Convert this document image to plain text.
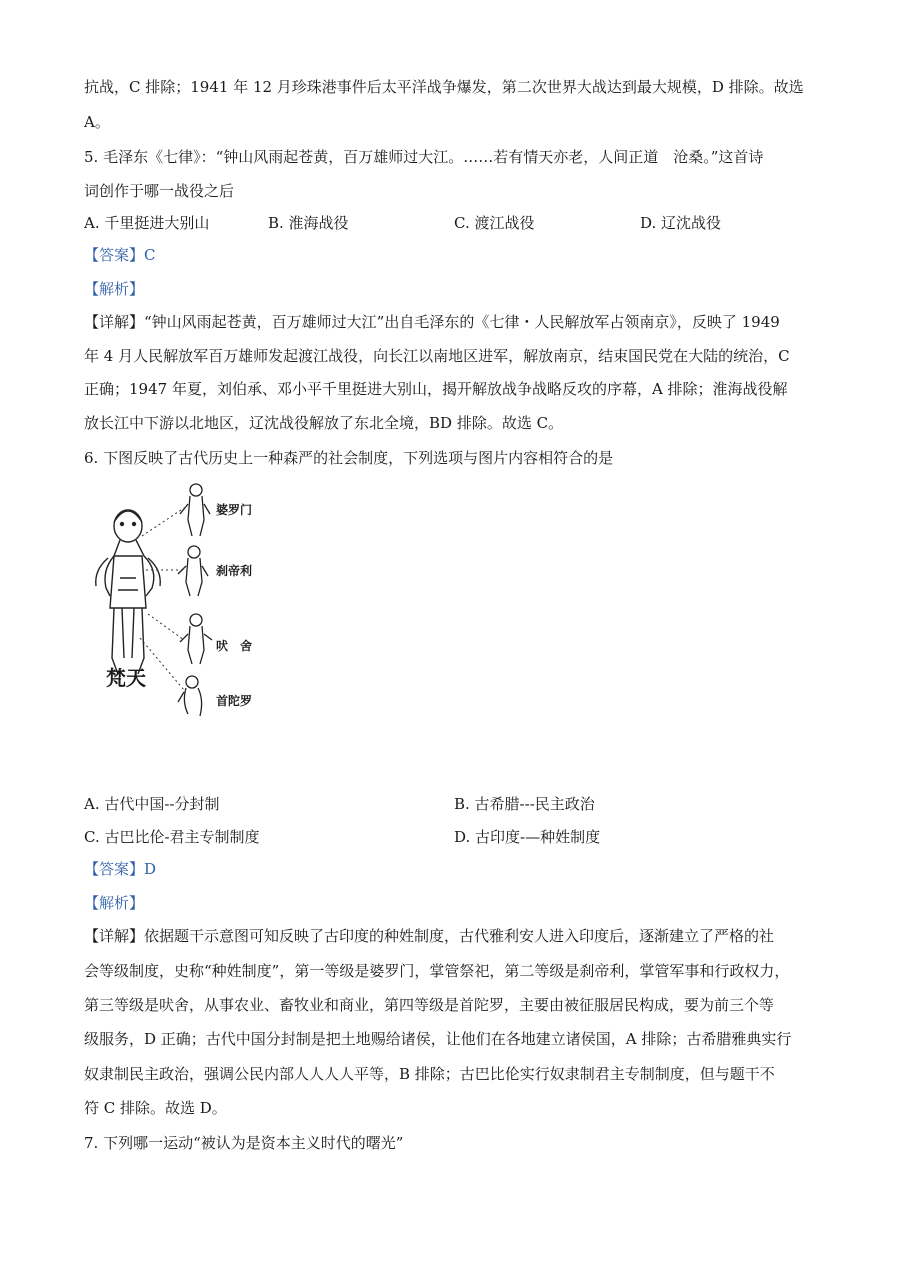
抗战，C 排除；1941 年 12 月珍珠港事件后太平洋战争爆发，第二次世界大战达到最大规模，D 排除。故选
A。
5. 毛泽东《七律》：“钟山风雨起苍黄，百万雄师过大江。……若有情天亦老，人间正道　沧桑。”这首诗
词创作于哪一战役之后
A. 千里挺进大别山	B. 淮海战役	C. 渡江战役	D. 辽沈战役
【答案】C
【解析】
【详解】“钟山风雨起苍黄，百万雄师过大江”出自毛泽东的《七律・人民解放军占领南京》，反映了 1949
年 4 月人民解放军百万雄师发起渡江战役，向长江以南地区进军，解放南京，结束国民党在大陆的统治，C
正确；1947 年夏，刘伯承、邓小平千里挺进大别山，揭开解放战争战略反攻的序幕，A 排除；淮海战役解
放长江中下游以北地区，辽沈战役解放了东北全境，BD 排除。故选 C。
6. 下图反映了古代历史上一种森严的社会制度，下列选项与图片内容相符合的是
婆罗门
刹帝利
吠　舍
首陀罗
梵天
A. 古代中国--分封制	B. 古希腊---民主政治
C. 古巴比伦-君主专制制度	D. 古印度-—种姓制度
【答案】D
【解析】
【详解】依据题干示意图可知反映了古印度的种姓制度，古代雅利安人进入印度后，逐渐建立了严格的社
会等级制度，史称“种姓制度”，第一等级是婆罗门，掌管祭祀，第二等级是刹帝利，掌管军事和行政权力，
第三等级是吠舍，从事农业、畜牧业和商业，第四等级是首陀罗，主要由被征服居民构成，要为前三个等
级服务，D 正确；古代中国分封制是把土地赐给诸侯，让他们在各地建立诸侯国，A 排除；古希腊雅典实行
奴隶制民主政治，强调公民内部人人人人平等，B 排除；古巴比伦实行奴隶制君主专制制度，但与题干不
符 C 排除。故选 D。
7. 下列哪一运动“被认为是资本主义时代的曙光”
